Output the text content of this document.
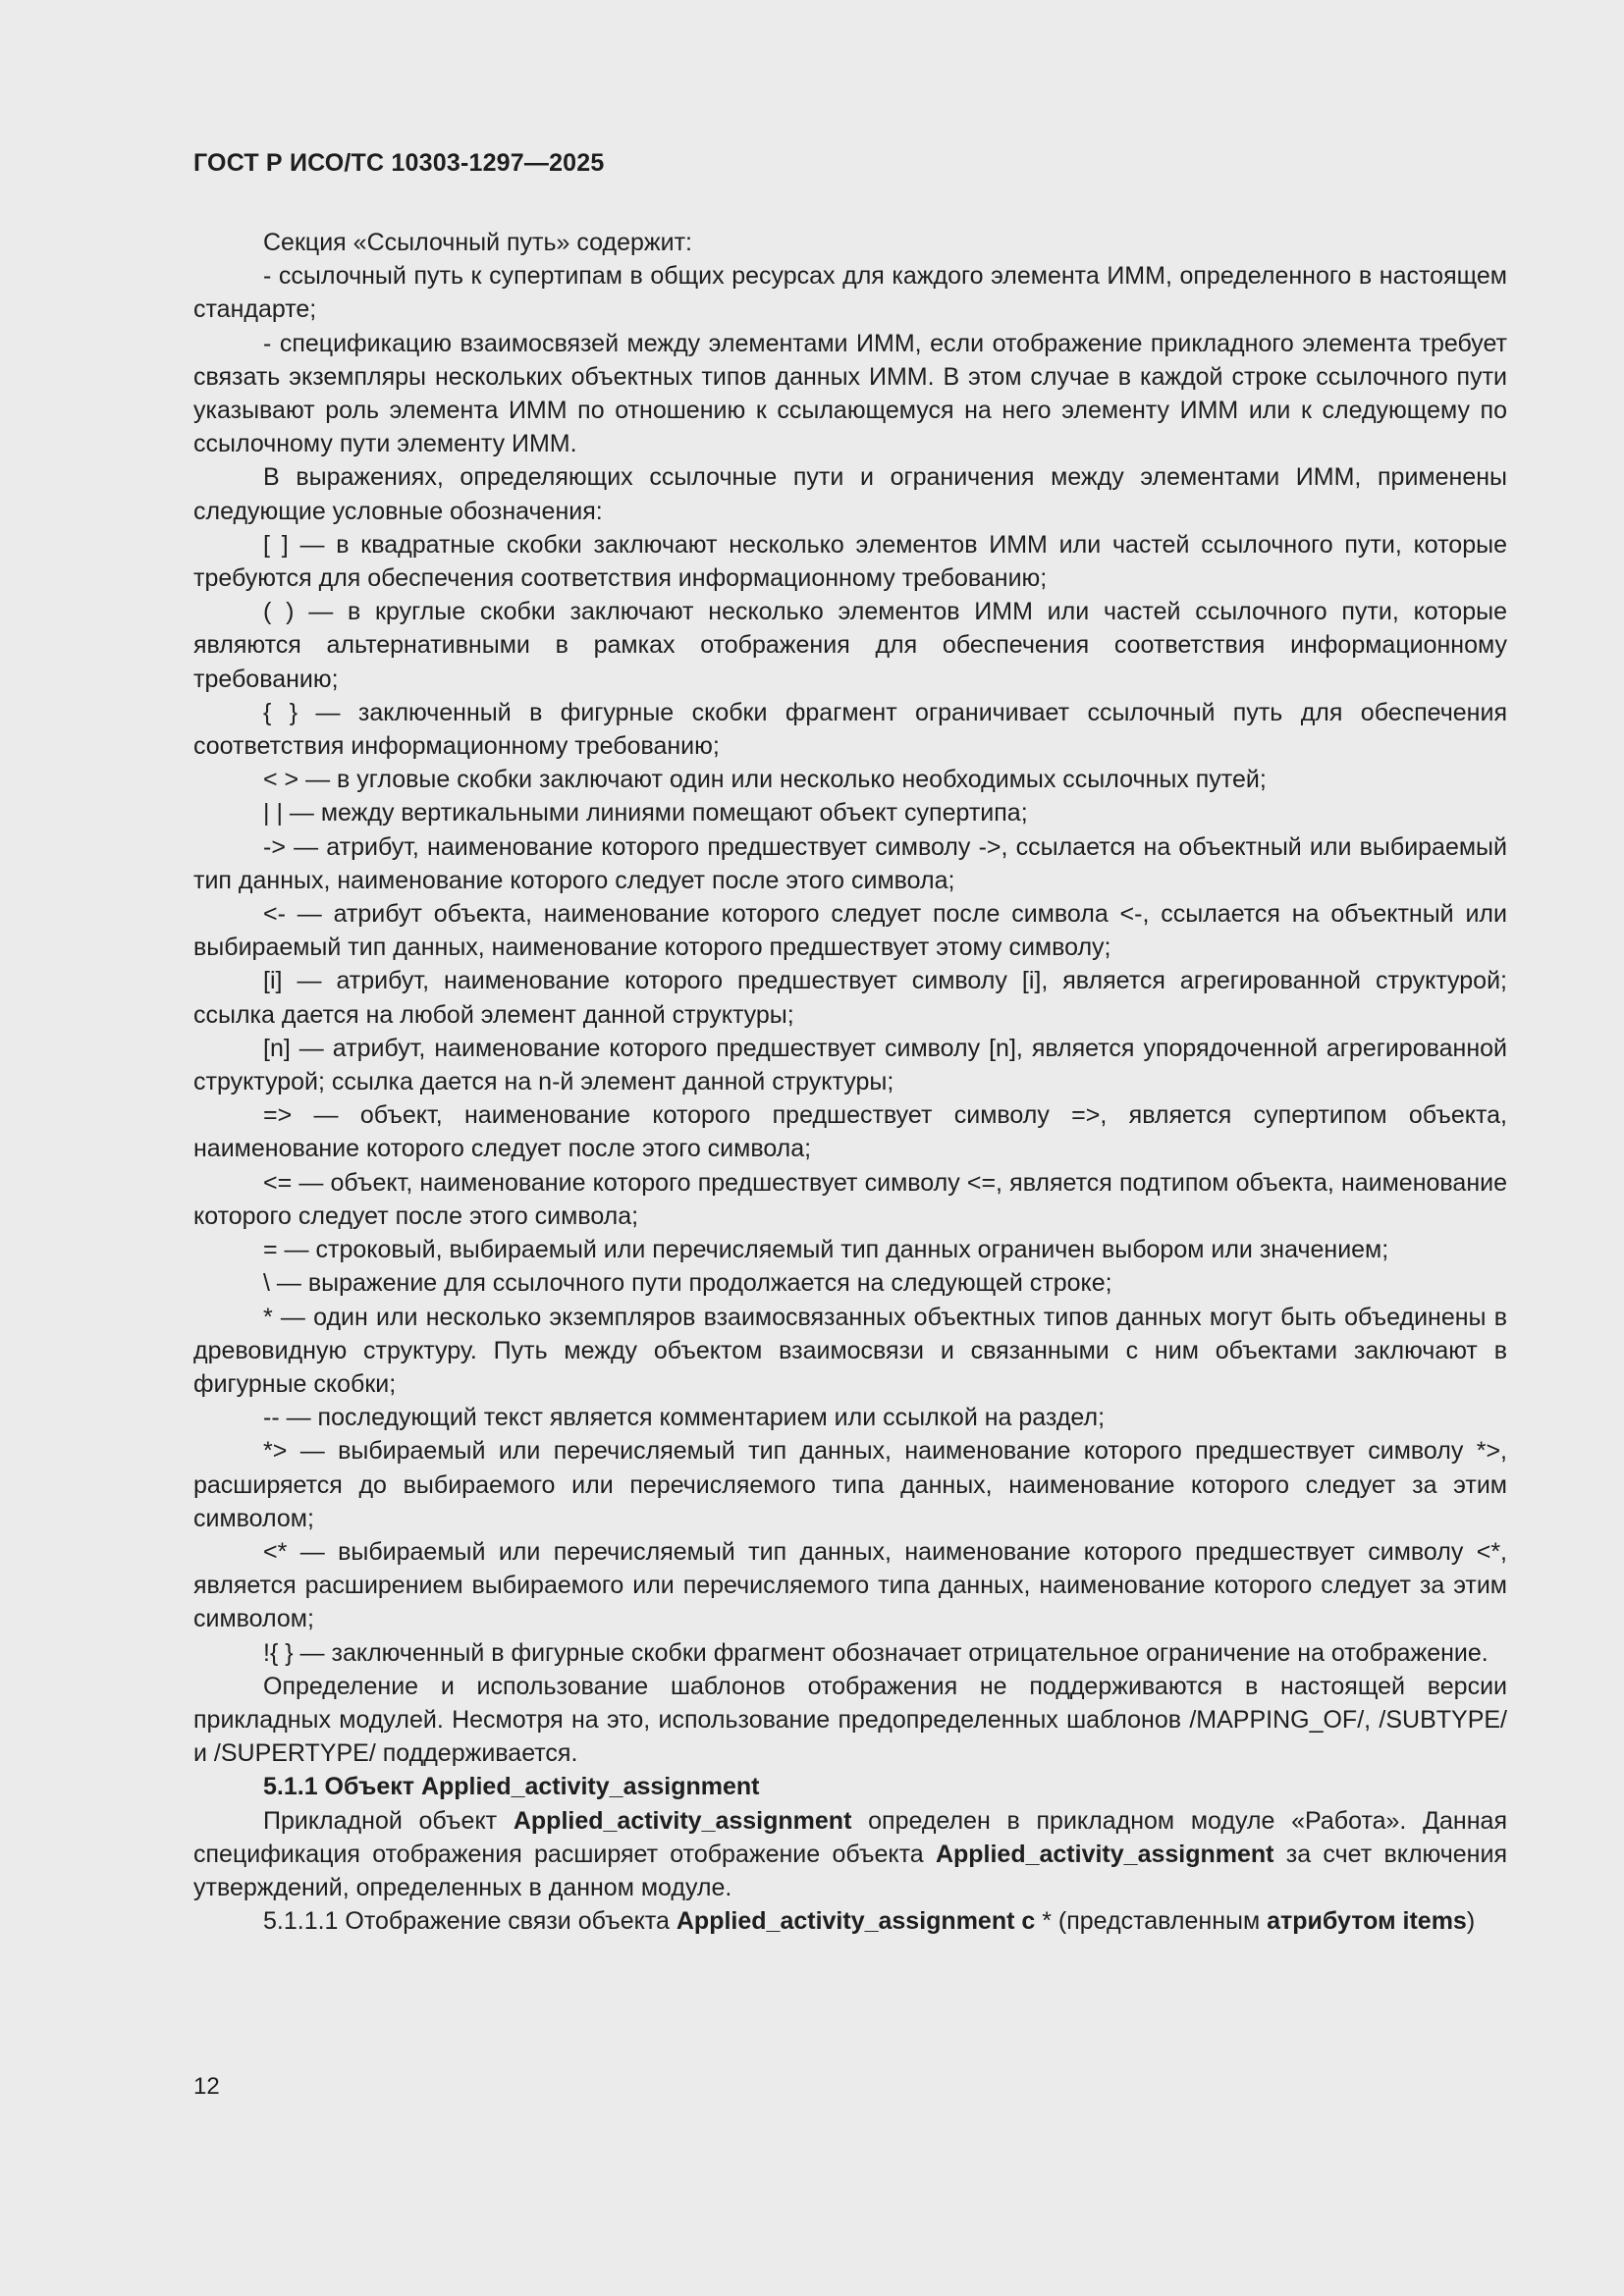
ГОСТ Р ИСО/ТС 10303-1297—2025

Секция «Ссылочный путь» содержит:

- ссылочный путь к супертипам в общих ресурсах для каждого элемента ИММ, определенного в настоящем стандарте;

- спецификацию взаимосвязей между элементами ИММ, если отображение прикладного элемента требует связать экземпляры нескольких объектных типов данных ИММ. В этом случае в каждой строке ссылочного пути указывают роль элемента ИММ по отношению к ссылающемуся на него элементу ИММ или к следующему по ссылочному пути элементу ИММ.

В выражениях, определяющих ссылочные пути и ограничения между элементами ИММ, применены следующие условные обозначения:

[ ] — в квадратные скобки заключают несколько элементов ИММ или частей ссылочного пути, которые требуются для обеспечения соответствия информационному требованию;

( ) — в круглые скобки заключают несколько элементов ИММ или частей ссылочного пути, которые являются альтернативными в рамках отображения для обеспечения соответствия информационному требованию;

{ } — заключенный в фигурные скобки фрагмент ограничивает ссылочный путь для обеспечения соответствия информационному требованию;

< > — в угловые скобки заключают один или несколько необходимых ссылочных путей;

| | — между вертикальными линиями помещают объект супертипа;

-> — атрибут, наименование которого предшествует символу ->, ссылается на объектный или выбираемый тип данных, наименование которого следует после этого символа;

<- — атрибут объекта, наименование которого следует после символа <-, ссылается на объектный или выбираемый тип данных, наименование которого предшествует этому символу;

[i] — атрибут, наименование которого предшествует символу [i], является агрегированной структурой; ссылка дается на любой элемент данной структуры;

[n] — атрибут, наименование которого предшествует символу [n], является упорядоченной агрегированной структурой; ссылка дается на n-й элемент данной структуры;

=> — объект, наименование которого предшествует символу =>, является супертипом объекта, наименование которого следует после этого символа;

<= — объект, наименование которого предшествует символу <=, является подтипом объекта, наименование которого следует после этого символа;

= — строковый, выбираемый или перечисляемый тип данных ограничен выбором или значением;

\ — выражение для ссылочного пути продолжается на следующей строке;

* — один или несколько экземпляров взаимосвязанных объектных типов данных могут быть объединены в древовидную структуру. Путь между объектом взаимосвязи и связанными с ним объектами заключают в фигурные скобки;

-- — последующий текст является комментарием или ссылкой на раздел;

*> — выбираемый или перечисляемый тип данных, наименование которого предшествует символу *>, расширяется до выбираемого или перечисляемого типа данных, наименование которого следует за этим символом;

<* — выбираемый или перечисляемый тип данных, наименование которого предшествует символу <*, является расширением выбираемого или перечисляемого типа данных, наименование которого следует за этим символом;

!{ } — заключенный в фигурные скобки фрагмент обозначает отрицательное ограничение на отображение.

Определение и использование шаблонов отображения не поддерживаются в настоящей версии прикладных модулей. Несмотря на это, использование предопределенных шаблонов /MAPPING_OF/, /SUBTYPE/ и /SUPERTYPE/ поддерживается.

5.1.1 Объект Applied_activity_assignment

Прикладной объект Applied_activity_assignment определен в прикладном модуле «Работа». Данная спецификация отображения расширяет отображение объекта Applied_activity_assignment за счет включения утверждений, определенных в данном модуле.

5.1.1.1 Отображение связи объекта Applied_activity_assignment с * (представленным атрибутом items)

12
